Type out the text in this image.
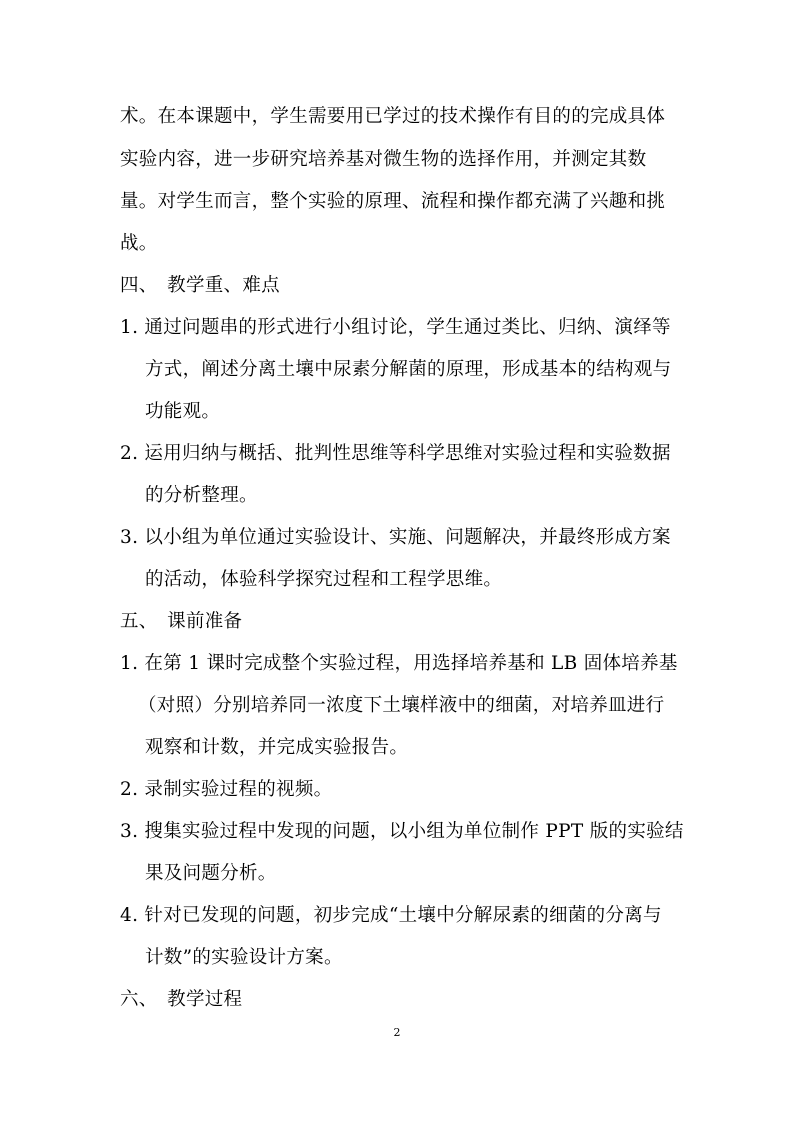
术。在本课题中，学生需要用已学过的技术操作有目的的完成具体
实验内容，进一步研究培养基对微生物的选择作用，并测定其数
量。对学生而言，整个实验的原理、流程和操作都充满了兴趣和挑
战。
四、　教学重、难点
1. 通过问题串的形式进行小组讨论，学生通过类比、归纳、演绎等
方式，阐述分离土壤中尿素分解菌的原理，形成基本的结构观与
功能观。
2. 运用归纳与概括、批判性思维等科学思维对实验过程和实验数据
的分析整理。
3. 以小组为单位通过实验设计、实施、问题解决，并最终形成方案
的活动，体验科学探究过程和工程学思维。
五、　课前准备
1. 在第 1 课时完成整个实验过程，用选择培养基和 LB 固体培养基
（对照）分别培养同一浓度下土壤样液中的细菌，对培养皿进行
观察和计数，并完成实验报告。
2. 录制实验过程的视频。
3. 搜集实验过程中发现的问题，以小组为单位制作 PPT 版的实验结
果及问题分析。
4. 针对已发现的问题，初步完成“土壤中分解尿素的细菌的分离与
计数”的实验设计方案。
六、　教学过程
2
